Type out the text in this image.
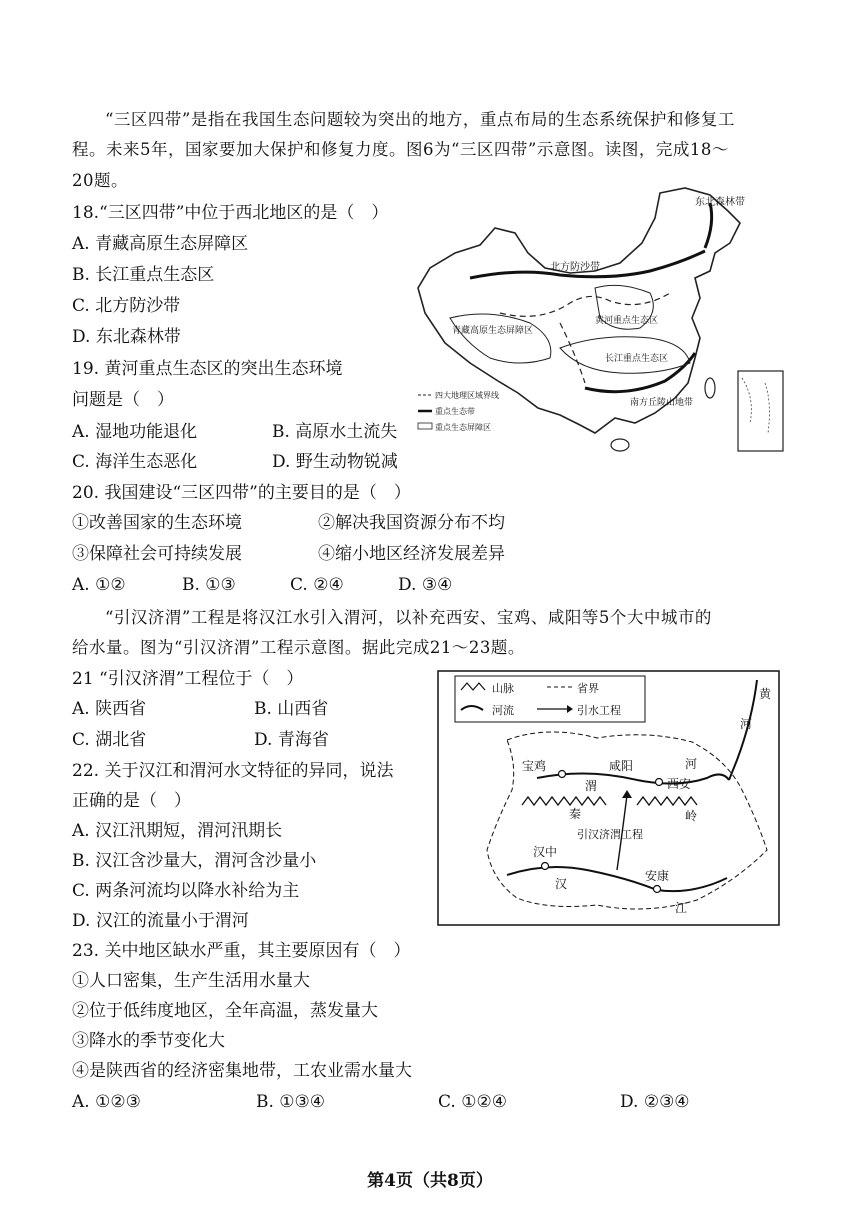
“三区四带”是指在我国生态问题较为突出的地方，重点布局的生态系统保护和修复工
程。未来5年，国家要加大保护和修复力度。图6为“三区四带”示意图。读图，完成18～
20题。
18.“三区四带”中位于西北地区的是（　）
A. 青藏高原生态屏障区
B. 长江重点生态区
C. 北方防沙带
D. 东北森林带
19. 黄河重点生态区的突出生态环境
问题是（　）
A. 湿地功能退化	B. 高原水土流失
C. 海洋生态恶化	D. 野生动物锐减
20. 我国建设“三区四带”的主要目的是（　）
①改善国家的生态环境	②解决我国资源分布不均
③保障社会可持续发展	④缩小地区经济发展差异
A. ①②	B. ①③	C. ②④	D. ③④
“引汉济渭”工程是将汉江水引入渭河，以补充西安、宝鸡、咸阳等5个大中城市的
给水量。图为“引汉济渭”工程示意图。据此完成21～23题。
21 “引汉济渭”工程位于（　）
A. 陕西省	B. 山西省
C. 湖北省	D. 青海省
22. 关于汉江和渭河水文特征的异同，说法
正确的是（　）
A. 汉江汛期短，渭河汛期长
B. 汉江含沙量大，渭河含沙量小
C. 两条河流均以降水补给为主
D. 汉江的流量小于渭河
23. 关中地区缺水严重，其主要原因有（　）
①人口密集，生产生活用水量大
②位于低纬度地区，全年高温，蒸发量大
③降水的季节变化大
④是陕西省的经济密集地带，工农业需水量大
A. ①②③	B. ①③④	C. ①②④	D. ②③④
北方防沙带
东北森林带
青藏高原生态屏障区
黄河重点生态区
长江重点生态区
南方丘陵山地带
四大地理区域界线
重点生态带
重点生态屏障区
山脉	省界
河流	引水工程
黄
河
河
宝鸡
渭
咸阳
西安
秦	岭
引汉济渭工程
汉中
汉
安康
江
第4页（共8页）
